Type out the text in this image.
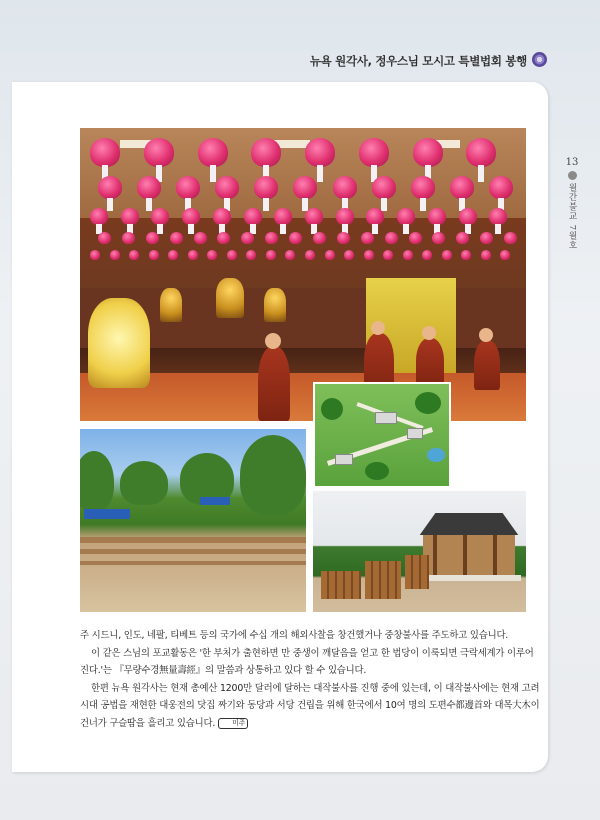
뉴욕 원각사, 정우스님 모시고 특별법회 봉행
13
월간불교 7월호

주 시드니, 인도, 네팔, 티베트 등의 국가에 수십 개의 해외사찰을 창건했거나 중창불사를 주도하고 있습니다.

이 같은 스님의 포교활동은 '한 부처가 출현하면 만 중생이 깨달음을 얻고 한 법당이 이룩되면 극락세계가 이루어진다.'는 『무량수경無量壽經』의 말씀과 상통하고 있다 할 수 있습니다.

한편 뉴욕 원각사는 현재 총예산 1200만 달러에 달하는 대작불사를 진행 중에 있는데, 이 대작불사에는 현재 고려시대 공법을 재현한 대웅전의 닷집 짜기와 동당과 서당 건립을 위해 한국에서 10여 명의 도편수都邊首와 대목大木이 건너가 구슬땀을 흘리고 있습니다. 미주
